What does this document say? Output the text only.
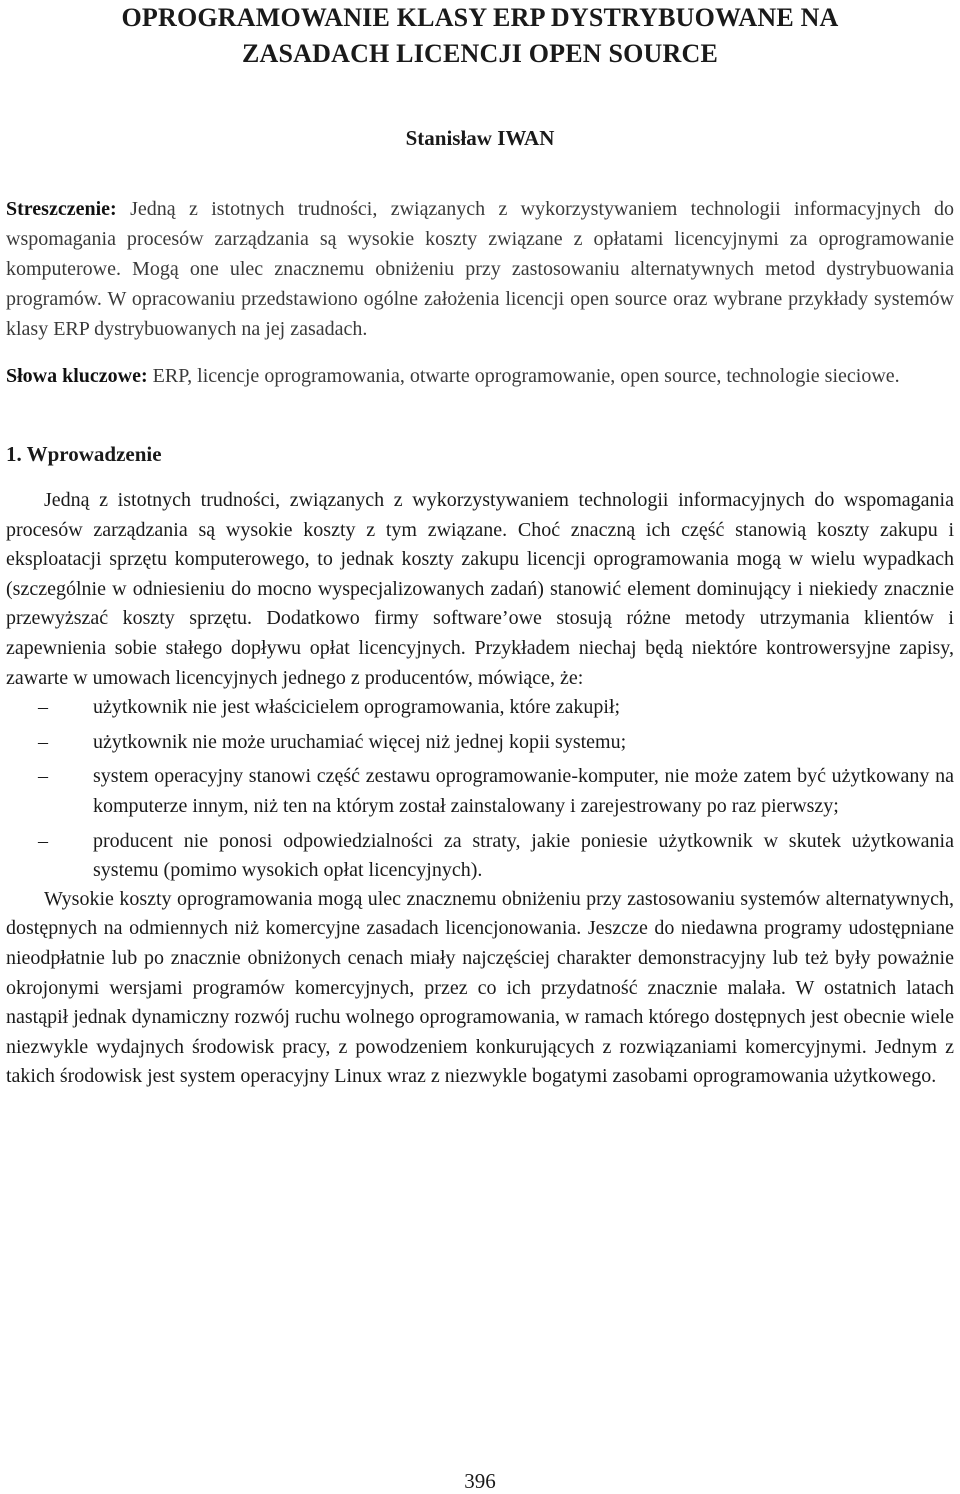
OPROGRAMOWANIE KLASY ERP DYSTRYBUOWANE NA
ZASADACH LICENCJI OPEN SOURCE

Stanisław IWAN

Streszczenie: Jedną z istotnych trudności, związanych z wykorzystywaniem technologii informacyjnych do wspomagania procesów zarządzania są wysokie koszty związane z opłatami licencyjnymi za oprogramowanie komputerowe. Mogą one ulec znacznemu obniżeniu przy zastosowaniu alternatywnych metod dystrybuowania programów. W opracowaniu przedstawiono ogólne założenia licencji open source oraz wybrane przykłady systemów klasy ERP dystrybuowanych na jej zasadach.

Słowa kluczowe: ERP, licencje oprogramowania, otwarte oprogramowanie, open source, technologie sieciowe.

1. Wprowadzenie

Jedną z istotnych trudności, związanych z wykorzystywaniem technologii informacyjnych do wspomagania procesów zarządzania są wysokie koszty z tym związane. Choć znaczną ich część stanowią koszty zakupu i eksploatacji sprzętu komputerowego, to jednak koszty zakupu licencji oprogramowania mogą w wielu wypadkach (szczególnie w odniesieniu do mocno wyspecjalizowanych zadań) stanowić element dominujący i niekiedy znacznie przewyższać koszty sprzętu. Dodatkowo firmy software’owe stosują różne metody utrzymania klientów i zapewnienia sobie stałego dopływu opłat licencyjnych. Przykładem niechaj będą niektóre kontrowersyjne zapisy, zawarte w umowach licencyjnych jednego z producentów, mówiące, że:

– użytkownik nie jest właścicielem oprogramowania, które zakupił;
– użytkownik nie może uruchamiać więcej niż jednej kopii systemu;
– system operacyjny stanowi część zestawu oprogramowanie-komputer, nie może zatem być użytkowany na komputerze innym, niż ten na którym został zainstalowany i zarejestrowany po raz pierwszy;
– producent nie ponosi odpowiedzialności za straty, jakie poniesie użytkownik w skutek użytkowania systemu (pomimo wysokich opłat licencyjnych).

Wysokie koszty oprogramowania mogą ulec znacznemu obniżeniu przy zastosowaniu systemów alternatywnych, dostępnych na odmiennych niż komercyjne zasadach licencjonowania. Jeszcze do niedawna programy udostępniane nieodpłatnie lub po znacznie obniżonych cenach miały najczęściej charakter demonstracyjny lub też były poważnie okrojonymi wersjami programów komercyjnych, przez co ich przydatność znacznie malała. W ostatnich latach nastąpił jednak dynamiczny rozwój ruchu wolnego oprogramowania, w ramach którego dostępnych jest obecnie wiele niezwykle wydajnych środowisk pracy, z powodzeniem konkurujących z rozwiązaniami komercyjnymi. Jednym z takich środowisk jest system operacyjny Linux wraz z niezwykle bogatymi zasobami oprogramowania użytkowego.

396
